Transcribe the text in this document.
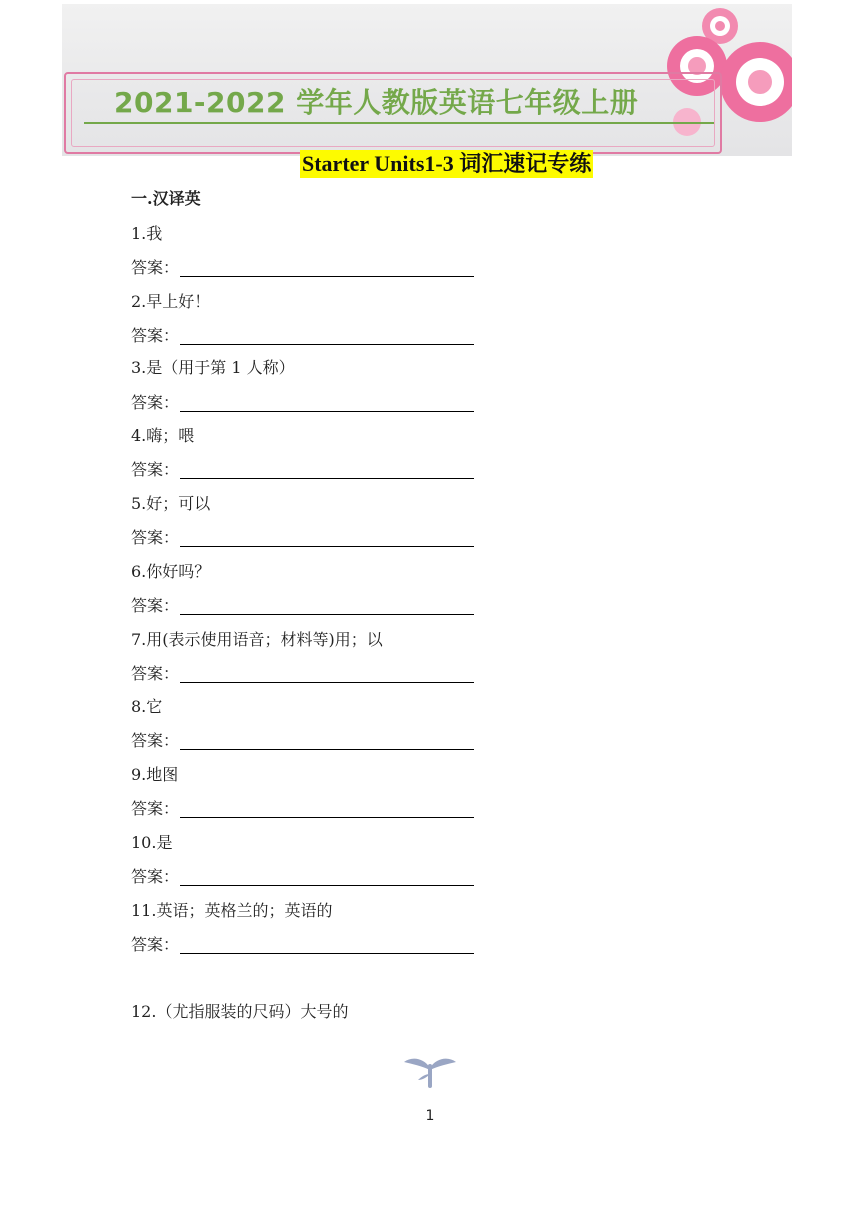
2021-2022 学年人教版英语七年级上册
Starter Units1-3 词汇速记专练
一.汉译英
1.我
答案：
2.早上好！
答案：
3.是（用于第 1 人称）
答案：
4.嗨；喂
答案：
5.好；可以
答案：
6.你好吗？
答案：
7.用(表示使用语音；材料等)用；以
答案：
8.它
答案：
9.地图
答案：
10.是
答案：
11.英语；英格兰的；英语的
答案：
12.（尤指服装的尺码）大号的
1
